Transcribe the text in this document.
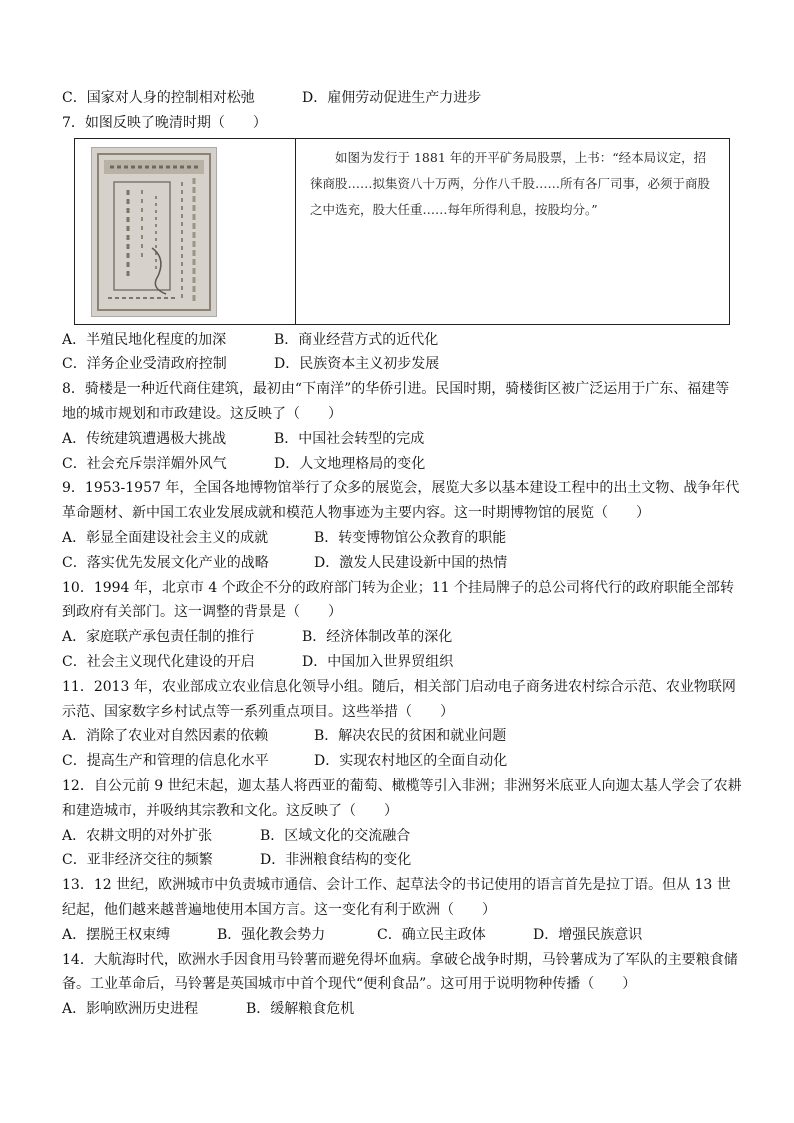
C．国家对人身的控制相对松弛	D．雇佣劳动促进生产力进步
7．如图反映了晚清时期（　　）
如图为发行于 1881 年的开平矿务局股票，上书：“经本局议定，招徕商股……拟集资八十万两，分作八千股……所有各厂司事，必须于商股之中选充，股大任重……每年所得利息，按股均分。”
A．半殖民地化程度的加深	B．商业经营方式的近代化
C．洋务企业受清政府控制	D．民族资本主义初步发展
8．骑楼是一种近代商住建筑，最初由“下南洋”的华侨引进。民国时期，骑楼街区被广泛运用于广东、福建等地的城市规划和市政建设。这反映了（　　）
A．传统建筑遭遇极大挑战	B．中国社会转型的完成
C．社会充斥崇洋媚外风气	D．人文地理格局的变化
9．1953-1957 年，全国各地博物馆举行了众多的展览会，展览大多以基本建设工程中的出土文物、战争年代革命题材、新中国工农业发展成就和模范人物事迹为主要内容。这一时期博物馆的展览（　　）
A．彰显全面建设社会主义的成就	B．转变博物馆公众教育的职能
C．落实优先发展文化产业的战略	D．激发人民建设新中国的热情
10．1994 年，北京市 4 个政企不分的政府部门转为企业；11 个挂局牌子的总公司将代行的政府职能全部转到政府有关部门。这一调整的背景是（　　）
A．家庭联产承包责任制的推行	B．经济体制改革的深化
C．社会主义现代化建设的开启	D．中国加入世界贸组织
11．2013 年，农业部成立农业信息化领导小组。随后，相关部门启动电子商务进农村综合示范、农业物联网示范、国家数字乡村试点等一系列重点项目。这些举措（　　）
A．消除了农业对自然因素的依赖	B．解决农民的贫困和就业问题
C．提高生产和管理的信息化水平	D．实现农村地区的全面自动化
12．自公元前 9 世纪末起，迦太基人将西亚的葡萄、橄榄等引入非洲；非洲努米底亚人向迦太基人学会了农耕和建造城市，并吸纳其宗教和文化。这反映了（　　）
A．农耕文明的对外扩张	B．区域文化的交流融合
C．亚非经济交往的频繁	D．非洲粮食结构的变化
13．12 世纪，欧洲城市中负责城市通信、会计工作、起草法令的书记使用的语言首先是拉丁语。但从 13 世纪起，他们越来越普遍地使用本国方言。这一变化有利于欧洲（　　）
A．摆脱王权束缚	B．强化教会势力	C．确立民主政体	D．增强民族意识
14．大航海时代，欧洲水手因食用马铃薯而避免得坏血病。拿破仑战争时期，马铃薯成为了军队的主要粮食储备。工业革命后，马铃薯是英国城市中首个现代“便利食品”。这可用于说明物种传播（　　）
A．影响欧洲历史进程	B．缓解粮食危机
